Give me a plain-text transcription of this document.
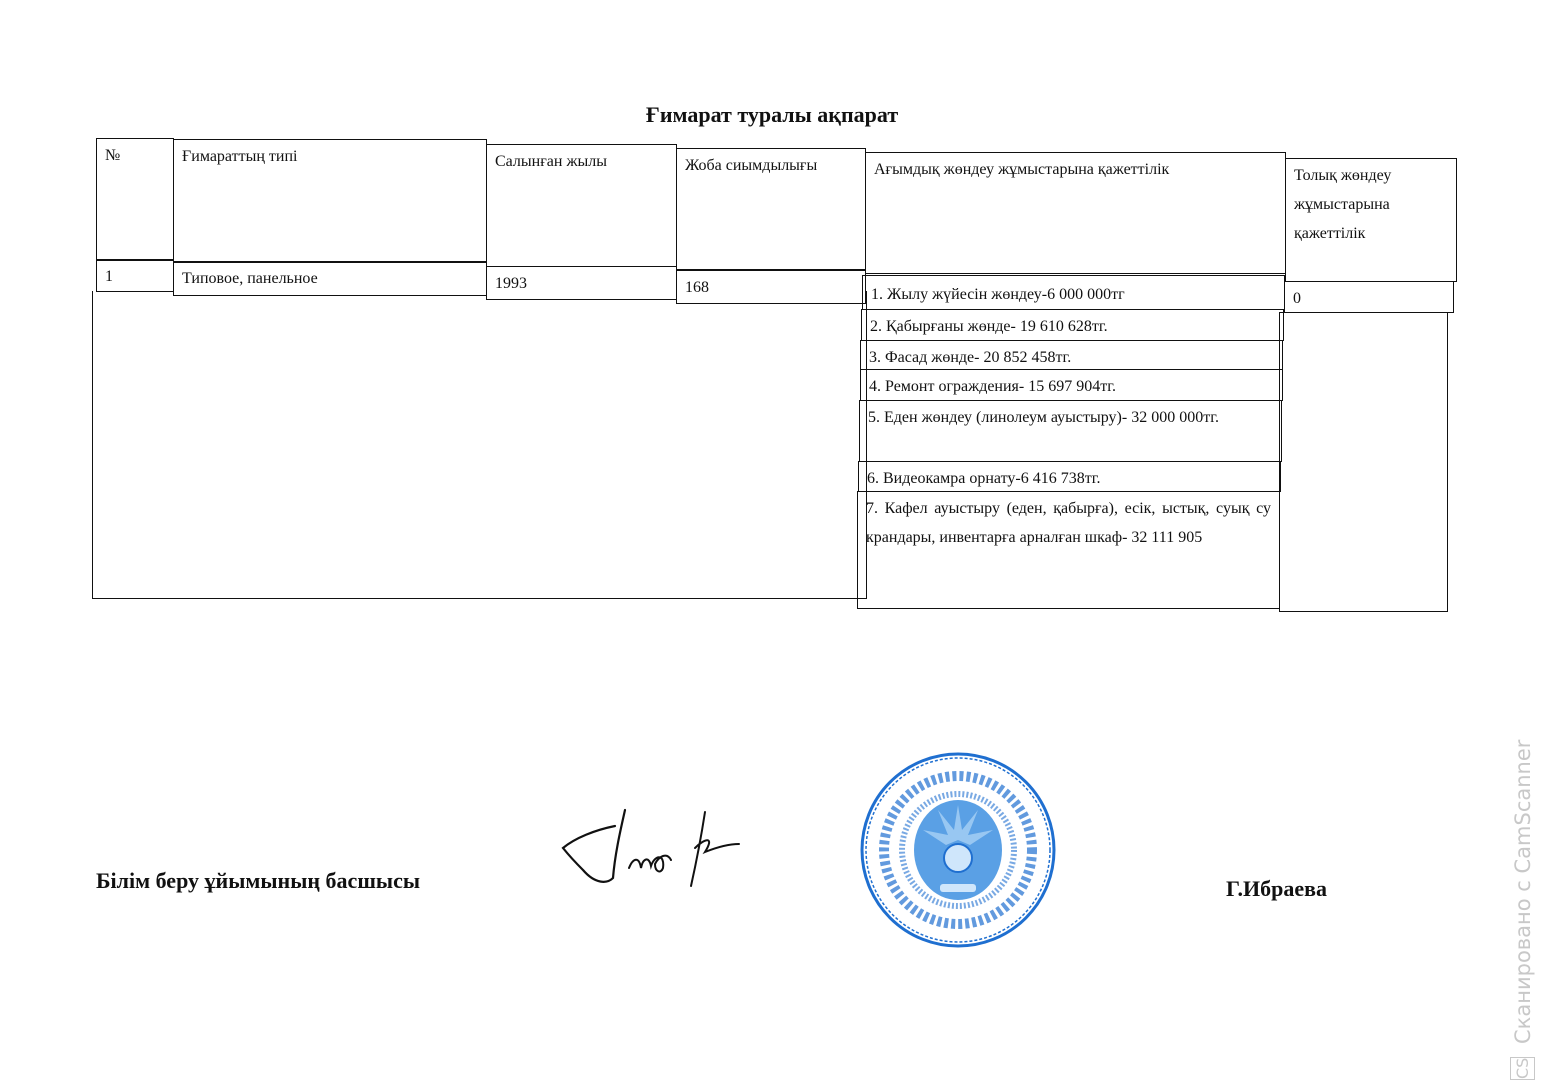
Ғимарат туралы ақпарат
№	Ғимараттың типі	Салынған жылы	Жоба сиымдылығы	Ағымдық жөндеу жұмыстарына қажеттілік	Толық жөндеу жұмыстарына қажеттілік
1	Типовое, панельное	1993	168	1. Жылу жүйесін жөндеу-6 000 000тг	0
2. Қабырғаны жөнде- 19 610 628тг.
3. Фасад жөнде- 20 852 458тг.
4. Ремонт ограждения- 15 697 904тг.
5. Еден жөндеу (линолеум ауыстыру)- 32 000 000тг.
6. Видеокамра орнату-6 416 738тг.
7. Кафел ауыстыру (еден, қабырға), есік, ыстық, суық су крандары, инвентарға арналған шкаф- 32 111 905
Білім беру ұйымының басшысы	Г.Ибраева
CS Сканировано с CamScanner
